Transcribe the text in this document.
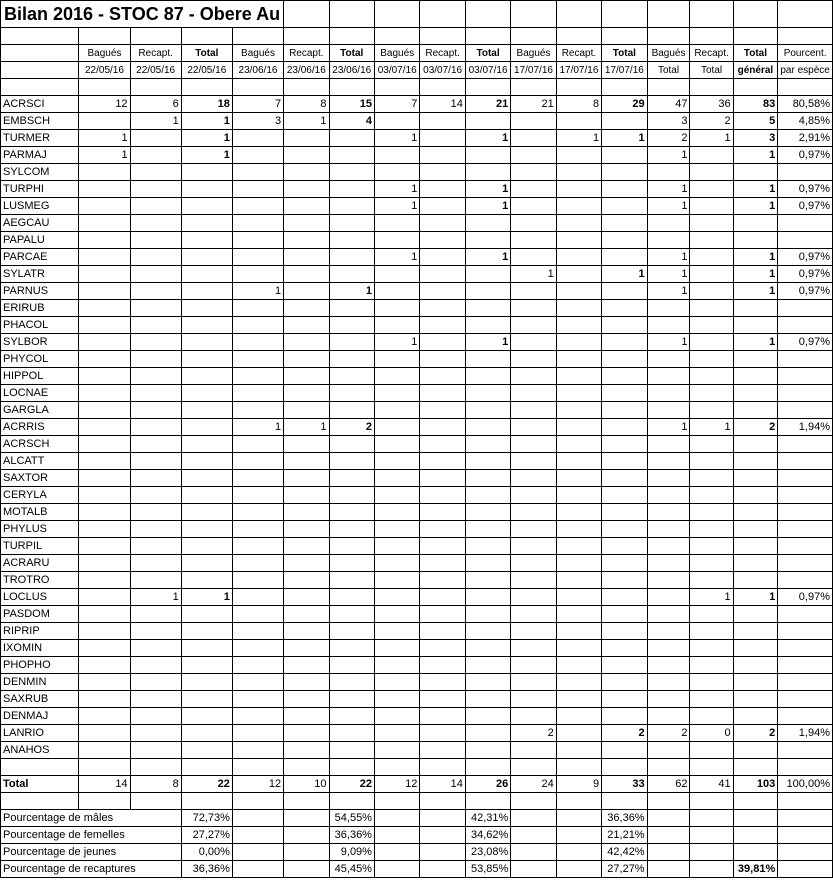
Bilan 2016 - STOC 87 - Obere Au																

	Bagués	Recapt.	Total	Bagués	Recapt.	Total	Bagués	Recapt.	Total	Bagués	Recapt.	Total	Bagués	Recapt.	Total	Pourcent.
	22/05/16	22/05/16	22/05/16	23/06/16	23/06/16	23/06/16	03/07/16	03/07/16	03/07/16	17/07/16	17/07/16	17/07/16	Total	Total	général	par espèce

ACRSCI	12	6	18	7	8	15	7	14	21	21	8	29	47	36	83	80,58%
EMBSCH		1	1	3	1	4							3	2	5	4,85%
TURMER	1		1				1		1		1	1	2	1	3	2,91%
PARMAJ	1		1										1		1	0,97%
SYLCOM																
TURPHI							1		1				1		1	0,97%
LUSMEG							1		1				1		1	0,97%
AEGCAU																
PAPALU																
PARCAE							1		1				1		1	0,97%
SYLATR										1		1	1		1	0,97%
PARNUS				1		1							1		1	0,97%
ERIRUB																
PHACOL																
SYLBOR							1		1				1		1	0,97%
PHYCOL																
HIPPOL																
LOCNAE																
GARGLA																
ACRRIS				1	1	2							1	1	2	1,94%
ACRSCH																
ALCATT																
SAXTOR																
CERYLA																
MOTALB																
PHYLUS																
TURPIL																
ACRARU																
TROTRO																
LOCLUS		1	1											1	1	0,97%
PASDOM																
RIPRIP																
IXOMIN																
PHOPHO																
DENMIN																
SAXRUB																
DENMAJ																
LANRIO										2		2	2	0	2	1,94%
ANAHOS																

Total	14	8	22	12	10	22	12	14	26	24	9	33	62	41	103	100,00%

Pourcentage de mâles			72,73%			54,55%			42,31%			36,36%				
Pourcentage de femelles			27,27%			36,36%			34,62%			21,21%				
Pourcentage de jeunes			0,00%			9,09%			23,08%			42,42%				
Pourcentage de recaptures			36,36%			45,45%			53,85%			27,27%			39,81%	
